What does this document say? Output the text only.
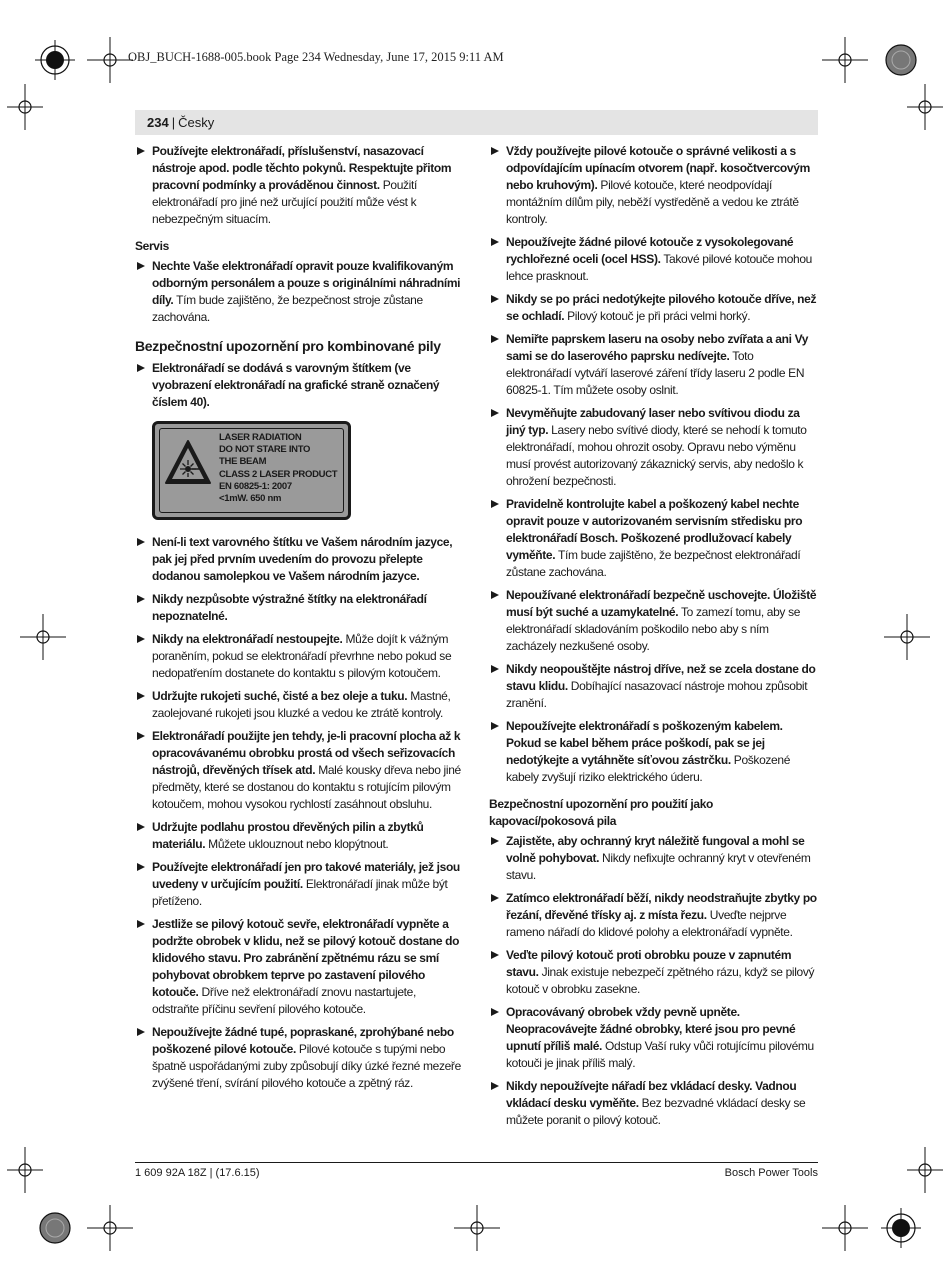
OBJ_BUCH-1688-005.book Page 234 Wednesday, June 17, 2015 9:11 AM
234 | Česky
Používejte elektronářadí, příslušenství, nasazovací nástroje apod. podle těchto pokynů. Respektujte přitom pracovní podmínky a prováděnou činnost. Použití elektronářadí pro jiné než určující použití může vést k nebezpečným situacím.
Servis
Nechte Vaše elektronářadí opravit pouze kvalifikovaným odborným personálem a pouze s originálními náhradními díly. Tím bude zajištěno, že bezpečnost stroje zůstane zachována.
Bezpečnostní upozornění pro kombinované pily
Elektronářadí se dodává s varovným štítkem (ve vyobrazení elektronářadí na grafické straně označený číslem 40).
LASER RADIATION
DO NOT STARE INTO
THE BEAM
CLASS 2 LASER PRODUCT
EN 60825-1: 2007
<1mW. 650 nm
Není-li text varovného štítku ve Vašem národním jazyce, pak jej před prvním uvedením do provozu přelepte dodanou samolepkou ve Vašem národním jazyce.
Nikdy nezpůsobte výstražné štítky na elektronářadí nepoznatelné.
Nikdy na elektronářadí nestoupejte. Může dojít k vážným poraněním, pokud se elektronářadí převrhne nebo pokud se nedopatřením dostanete do kontaktu s pilovým kotoučem.
Udržujte rukojeti suché, čisté a bez oleje a tuku. Mastné, zaolejované rukojeti jsou kluzké a vedou ke ztrátě kontroly.
Elektronářadí použijte jen tehdy, je-li pracovní plocha až k opracovávanému obrobku prostá od všech seřizovacích nástrojů, dřevěných třísek atd. Malé kousky dřeva nebo jiné předměty, které se dostanou do kontaktu s rotujícím pilovým kotoučem, mohou vysokou rychlostí zasáhnout obsluhu.
Udržujte podlahu prostou dřevěných pilin a zbytků materiálu. Můžete uklouznout nebo klopýtnout.
Používejte elektronářadí jen pro takové materiály, jež jsou uvedeny v určujícím použití. Elektronářadí jinak může být přetíženo.
Jestliže se pilový kotouč sevře, elektronářadí vypněte a podržte obrobek v klidu, než se pilový kotouč dostane do klidového stavu. Pro zabránění zpětnému rázu se smí pohybovat obrobkem teprve po zastavení pilového kotouče. Dříve než elektronářadí znovu nastartujete, odstraňte příčinu sevření pilového kotouče.
Nepoužívejte žádné tupé, popraskané, zprohýbané nebo poškozené pilové kotouče. Pilové kotouče s tupými nebo špatně uspořádanými zuby způsobují díky úzké řezné mezeře zvýšené tření, svírání pilového kotouče a zpětný ráz.
Vždy používejte pilové kotouče o správné velikosti a s odpovídajícím upínacím otvorem (např. kosočtvercovým nebo kruhovým). Pilové kotouče, které neodpovídají montážním dílům pily, neběží vystředěně a vedou ke ztrátě kontroly.
Nepoužívejte žádné pilové kotouče z vysokolegované rychlořezné oceli (ocel HSS). Takové pilové kotouče mohou lehce prasknout.
Nikdy se po práci nedotýkejte pilového kotouče dříve, než se ochladí. Pilový kotouč je při práci velmi horký.
Nemiřte paprskem laseru na osoby nebo zvířata a ani Vy sami se do laserového paprsku nedívejte. Toto elektronářadí vytváří laserové záření třídy laseru 2 podle EN 60825-1. Tím můžete osoby oslnit.
Nevyměňujte zabudovaný laser nebo svítivou diodu za jiný typ. Lasery nebo svítivé diody, které se nehodí k tomuto elektronářadí, mohou ohrozit osoby. Opravu nebo výměnu musí provést autorizovaný zákaznický servis, aby nedošlo k ohrožení bezpečnosti.
Pravidelně kontrolujte kabel a poškozený kabel nechte opravit pouze v autorizovaném servisním středisku pro elektronářadí Bosch. Poškozené prodlužovací kabely vyměňte. Tím bude zajištěno, že bezpečnost elektronářadí zůstane zachována.
Nepoužívané elektronářadí bezpečně uschovejte. Úložiště musí být suché a uzamykatelné. To zamezí tomu, aby se elektronářadí skladováním poškodilo nebo aby s ním zacházely nezkušené osoby.
Nikdy neopouštějte nástroj dříve, než se zcela dostane do stavu klidu. Dobíhající nasazovací nástroje mohou způsobit zranění.
Nepoužívejte elektronářadí s poškozeným kabelem. Pokud se kabel během práce poškodí, pak se jej nedotýkejte a vytáhněte síťovou zástrčku. Poškozené kabely zvyšují riziko elektrického úderu.
Bezpečnostní upozornění pro použití jako kapovací/pokosová pila
Zajistěte, aby ochranný kryt náležitě fungoval a mohl se volně pohybovat. Nikdy nefixujte ochranný kryt v otevřeném stavu.
Zatímco elektronářadí běží, nikdy neodstraňujte zbytky po řezání, dřevěné třísky aj. z místa řezu. Uveďte nejprve rameno nářadí do klidové polohy a elektronářadí vypněte.
Veďte pilový kotouč proti obrobku pouze v zapnutém stavu. Jinak existuje nebezpečí zpětného rázu, když se pilový kotouč v obrobku zasekne.
Opracovávaný obrobek vždy pevně upněte. Neopracovávejte žádné obrobky, které jsou pro pevné upnutí příliš malé. Odstup Vaší ruky vůči rotujícímu pilovému kotouči je jinak příliš malý.
Nikdy nepoužívejte nářadí bez vkládací desky. Vadnou vkládací desku vyměňte. Bez bezvadné vkládací desky se můžete poranit o pilový kotouč.
1 609 92A 18Z | (17.6.15)	Bosch Power Tools
